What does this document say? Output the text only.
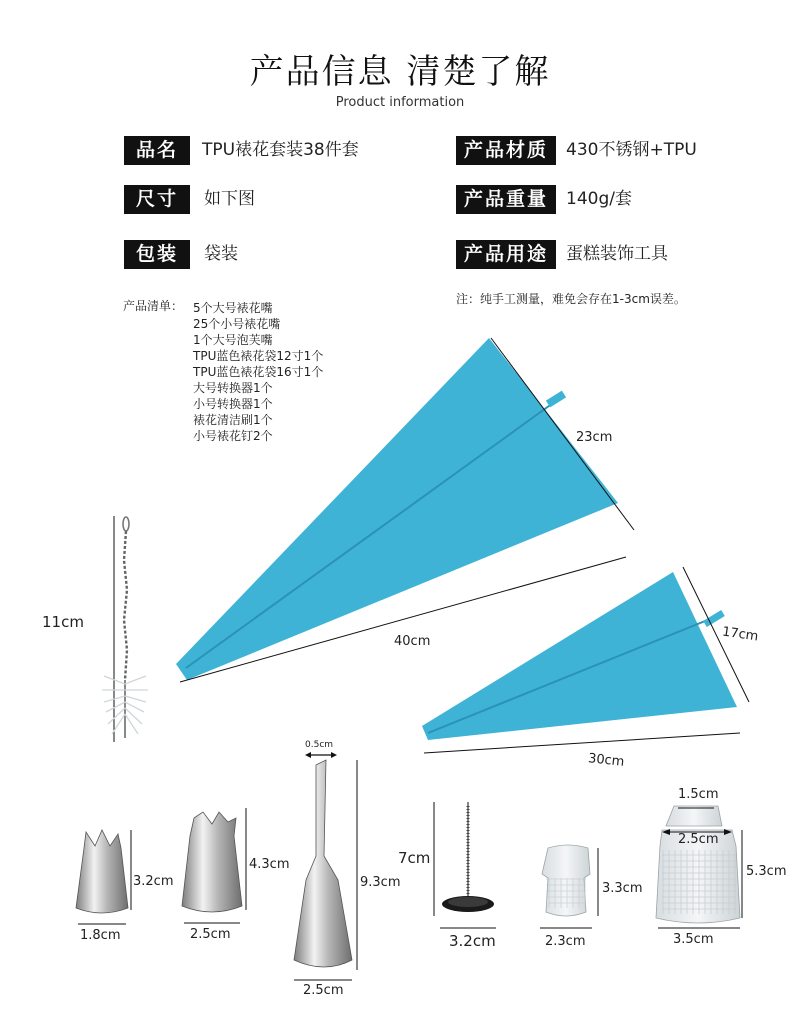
产品信息 清楚了解
Product information
品名	TPU裱花套装38件套	产品材质	430不锈钢+TPU
尺寸	如下图	产品重量	140g/套
包装	袋装	产品用途	蛋糕装饰工具
注：纯手工测量，难免会存在1-3cm误差。
产品清单： 5个大号裱花嘴
25个小号裱花嘴
1个大号泡芙嘴
TPU蓝色裱花袋12寸1个
TPU蓝色裱花袋16寸1个
大号转换器1个
小号转换器1个
裱花清洁刷1个
小号裱花钉2个	23cm
40cm	17cm
30cm
11cm
3.2cm
1.8cm
4.3cm
2.5cm
0.5cm
9.3cm
2.5cm
7cm
3.2cm
3.3cm
2.3cm
1.5cm
2.5cm
5.3cm
3.5cm
